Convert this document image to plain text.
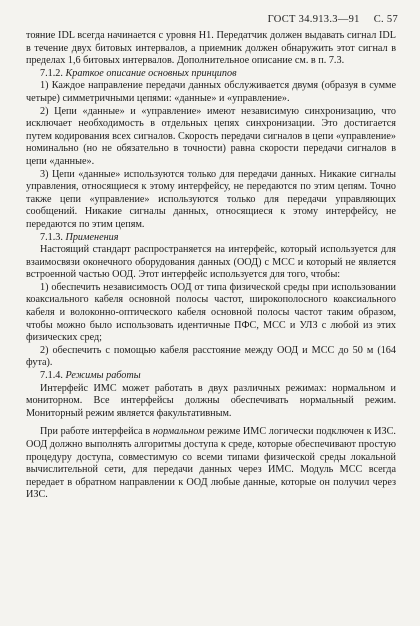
ГОСТ 34.913.3—91 С. 57

тояние IDL всегда начинается с уровня H1. Передатчик должен выдавать сигнал IDL в течение двух битовых интервалов, а приемник должен обнаружить этот сигнал в пределах 1,6 битовых интервалов. Дополнительное описание см. в п. 7.3.

7.1.2. Краткое описание основных принципов

1) Каждое направление передачи данных обслуживается двумя (образуя в сумме четыре) симметричными цепями: «данные» и «управление».

2) Цепи «данные» и «управление» имеют независимую синхронизацию, что исключает необходимость в отдельных цепях синхронизации. Это достигается путем кодирования всех сигналов. Скорость передачи сигналов в цепи «управление» номинально (но не обязательно в точности) равна скорости передачи сигналов в цепи «данные».

3) Цепи «данные» используются только для передачи данных. Никакие сигналы управления, относящиеся к этому интерфейсу, не передаются по этим цепям. Точно также цепи «управление» используются только для передачи управляющих сообщений. Никакие сигналы данных, относящиеся к этому интерфейсу, не передаются по этим цепям.

7.1.3. Применения

Настоящий стандарт распространяется на интерфейс, который используется для взаимосвязи оконечного оборудования данных (ООД) с МСС и который не является встроенной частью ООД. Этот интерфейс используется для того, чтобы:

1) обеспечить независимость ООД от типа физической среды при использовании коаксиального кабеля основной полосы частот, широкополосного коаксиального кабеля и волоконно-оптического кабеля основной полосы частот таким образом, чтобы можно было использовать идентичные ПФС, МСС и УЛЗ с любой из этих физических сред;

2) обеспечить с помощью кабеля расстояние между ООД и МСС до 50 м (164 фута).

7.1.4. Режимы работы

Интерфейс ИМС может работать в двух различных режимах: нормальном и мониторном. Все интерфейсы должны обеспечивать нормальный режим. Мониторный режим является факультативным.

При работе интерфейса в нормальном режиме ИМС логически подключен к ИЗС. ООД должно выполнять алгоритмы доступа к среде, которые обеспечивают простую процедуру доступа, совместимую со всеми типами физической среды локальной вычислительной сети, для передачи данных через ИМС. Модуль МСС всегда передает в обратном направлении к ООД любые данные, которые он получил через ИЗС.
